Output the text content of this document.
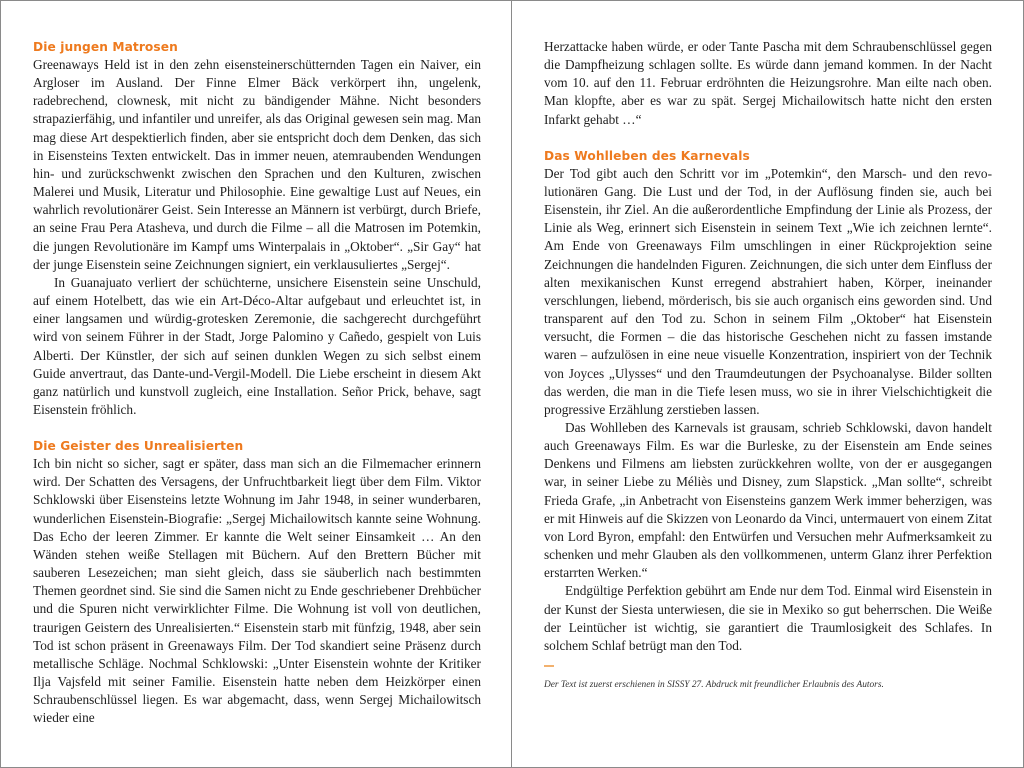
Die jungen Matrosen

Greenaways Held ist in den zehn eisensteinerschütternden Tagen ein Naiver, ein Argloser im Ausland. Der Finne Elmer Bäck verkörpert ihn, ungelenk, radebrechend, clownesk, mit nicht zu bändigender Mähne. Nicht besonders strapazierfähig, und infantiler und unreifer, als das Original gewesen sein mag. Man mag diese Art despektierlich finden, aber sie entspricht doch dem Denken, das sich in Eisensteins Texten entwickelt. Das in immer neuen, atemraubenden Wendungen hin- und zurückschwenkt zwischen den Sprachen und den Kulturen, zwischen Malerei und Musik, Literatur und Philosophie. Eine gewaltige Lust auf Neues, ein wahrlich revolutionärer Geist. Sein Interesse an Männern ist verbürgt, durch Briefe, an seine Frau Pera Atasheva, und durch die Filme – all die Matrosen im Potemkin, die jungen Revolutionäre im Kampf ums Winterpalais in „Oktober“. „Sir Gay“ hat der junge Eisenstein seine Zeichnungen signiert, ein verklausuliertes „Sergej“.

In Guanajuato verliert der schüchterne, unsichere Eisenstein seine Unschuld, auf einem Hotelbett, das wie ein Art-Déco-Altar aufgebaut und erleuchtet ist, in einer langsamen und würdig-grotesken Zeremonie, die sachgerecht durchgeführt wird von seinem Führer in der Stadt, Jorge Palomino y Cañedo, gespielt von Luis Alberti. Der Künstler, der sich auf seinen dunklen Wegen zu sich selbst einem Guide anvertraut, das Dante-und-Vergil-Modell. Die Liebe erscheint in diesem Akt ganz natürlich und kunstvoll zugleich, eine Installation. Señor Prick, behave, sagt Eisenstein fröhlich.

Die Geister des Unrealisierten

Ich bin nicht so sicher, sagt er später, dass man sich an die Filmemacher erinnern wird. Der Schatten des Versagens, der Unfruchtbarkeit liegt über dem Film. Viktor Schklowski über Eisensteins letzte Wohnung im Jahr 1948, in seiner wunderbaren, wunderlichen Eisenstein-Biografie: „Sergej Michailowitsch kannte seine Wohnung. Das Echo der leeren Zimmer. Er kannte die Welt seiner Einsamkeit … An den Wänden stehen weiße Stellagen mit Büchern. Auf den Brettern Bücher mit sauberen Lesezeichen; man sieht gleich, dass sie säuberlich nach bestimmten Themen geordnet sind. Sie sind die Samen nicht zu Ende geschriebener Drehbücher und die Spuren nicht verwirklichter Filme. Die Wohnung ist voll von deutlichen, traurigen Geistern des Unrealisierten.“ Eisenstein starb mit fünfzig, 1948, aber sein Tod ist schon präsent in Greenaways Film. Der Tod skandiert seine Präsenz durch metallische Schläge. Nochmal Schklowski: „Unter Eisenstein wohnte der Kritiker Ilja Vajsfeld mit seiner Familie. Eisenstein hatte neben dem Heizkörper einen Schraubenschlüssel liegen. Es war abgemacht, dass, wenn Sergej Michailowitsch wieder eine

Herzattacke haben würde, er oder Tante Pascha mit dem Schraubenschlüssel gegen die Dampfheizung schlagen sollte. Es würde dann jemand kommen. In der Nacht vom 10. auf den 11. Februar erdröhnten die Heizungsrohre. Man eilte nach oben. Man klopfte, aber es war zu spät. Sergej Michailowitsch hatte nicht den ersten Infarkt gehabt …“

Das Wohlleben des Karnevals

Der Tod gibt auch den Schritt vor im „Potemkin“, den Marsch- und den revolutionären Gang. Die Lust und der Tod, in der Auflösung finden sie, auch bei Eisenstein, ihr Ziel. An die außerordentliche Empfindung der Linie als Prozess, der Linie als Weg, erinnert sich Eisenstein in seinem Text „Wie ich zeichnen lernte“. Am Ende von Greenaways Film umschlingen in einer Rückprojektion seine Zeichnungen die handelnden Figuren. Zeichnungen, die sich unter dem Einfluss der alten mexikanischen Kunst erregend abstrahiert haben, Körper, ineinander verschlungen, liebend, mörderisch, bis sie auch organisch eins geworden sind. Und transparent auf den Tod zu. Schon in seinem Film „Oktober“ hat Eisenstein versucht, die Formen – die das historische Geschehen nicht zu fassen imstande waren – aufzulösen in eine neue visuelle Konzentration, inspiriert von der Technik von Joyces „Ulysses“ und den Traumdeutungen der Psychoanalyse. Bilder sollten das werden, die man in die Tiefe lesen muss, wo sie in ihrer Vielschichtigkeit die progressive Erzählung zerstieben lassen.

Das Wohlleben des Karnevals ist grausam, schrieb Schklowski, davon handelt auch Greenaways Film. Es war die Burleske, zu der Eisenstein am Ende seines Denkens und Filmens am liebsten zurückkehren wollte, von der er ausgegangen war, in seiner Liebe zu Méliès und Disney, zum Slapstick. „Man sollte“, schreibt Frieda Grafe, „in Anbetracht von Eisensteins ganzem Werk immer beherzigen, was er mit Hinweis auf die Skizzen von Leonardo da Vinci, untermauert von einem Zitat von Lord Byron, empfahl: den Entwürfen und Versuchen mehr Aufmerksamkeit zu schenken und mehr Glauben als den vollkommenen, unterm Glanz ihrer Perfektion erstarrten Werken.“

Endgültige Perfektion gebührt am Ende nur dem Tod. Einmal wird Eisenstein in der Kunst der Siesta unterwiesen, die sie in Mexiko so gut beherrschen. Die Weiße der Leintücher ist wichtig, sie garantiert die Traumlosigkeit des Schlafes. In solchem Schlaf betrügt man den Tod.

Der Text ist zuerst erschienen in SISSY 27. Abdruck mit freundlicher Erlaubnis des Autors.
